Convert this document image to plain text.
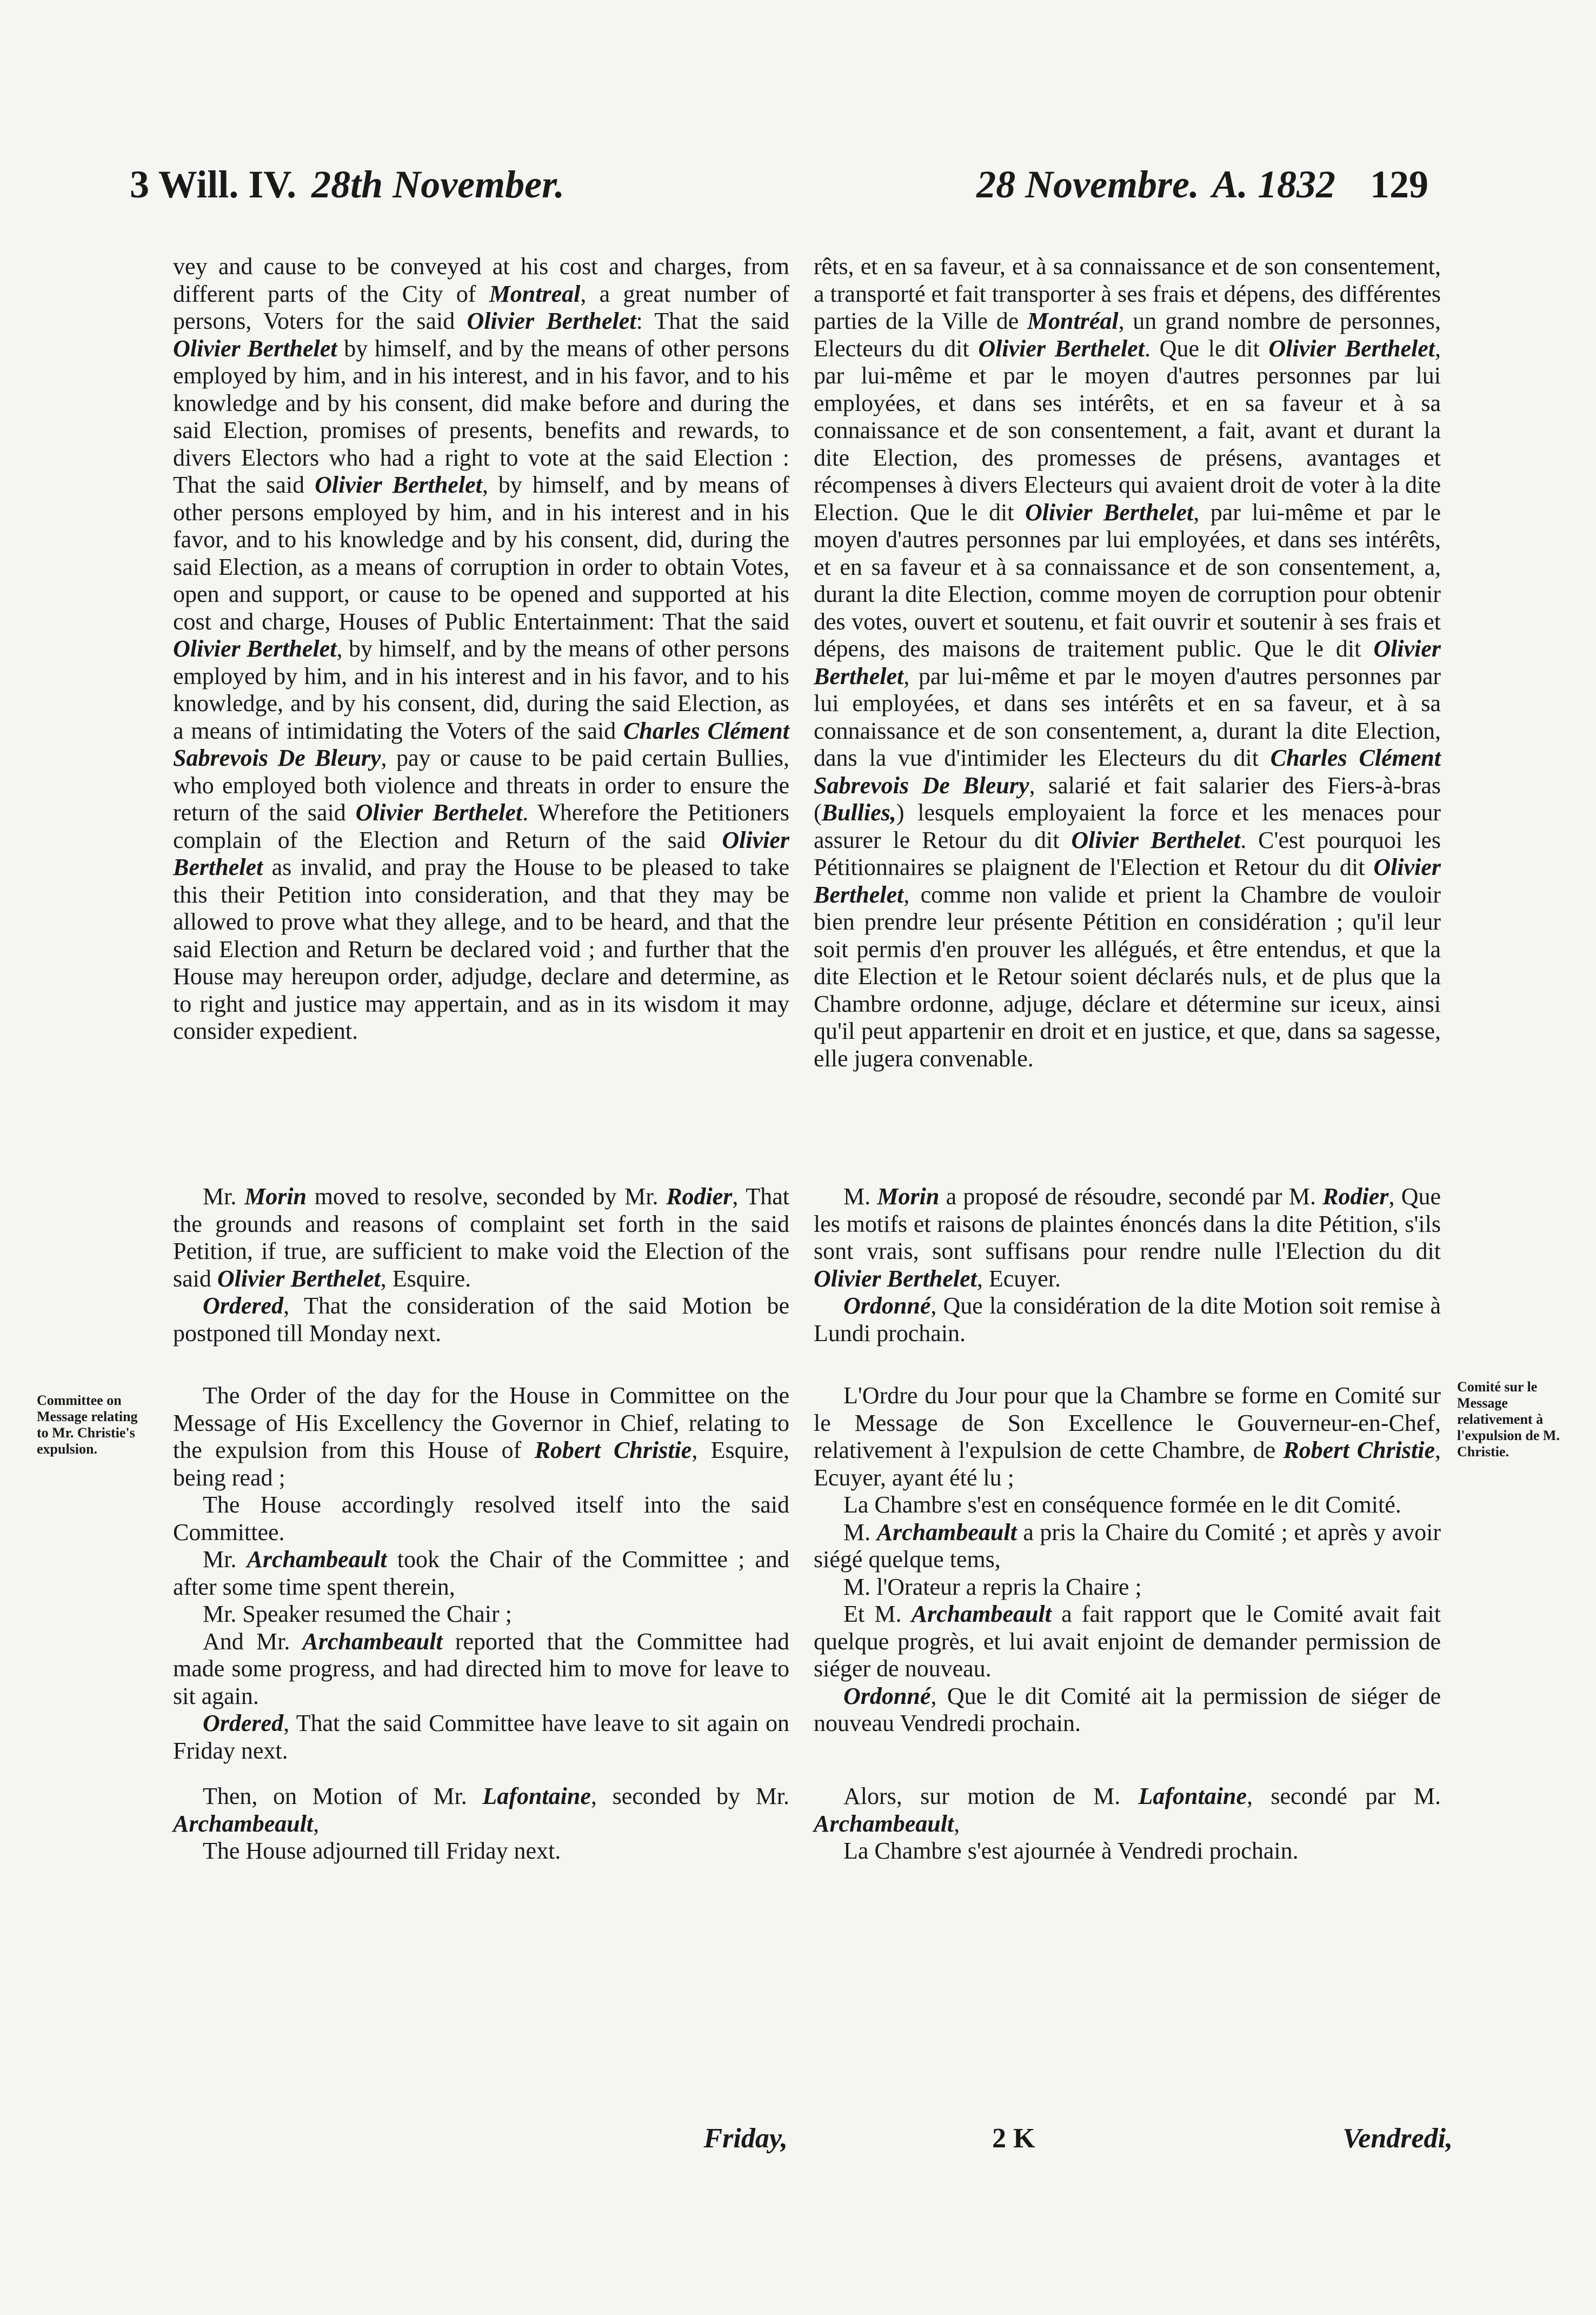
3 Will. IV. 28th November.	28 Novembre. A. 1832 129

vey and cause to be conveyed at his cost and charges, from different parts of the City of Montreal, a great number of persons, Voters for the said Olivier Berthelet: That the said Olivier Berthelet by himself, and by the means of other persons employed by him, and in his interest, and in his favor, and to his knowledge and by his consent, did make before and during the said Election, promises of presents, benefits and rewards, to divers Electors who had a right to vote at the said Election : That the said Olivier Berthelet, by himself, and by means of other persons employed by him, and in his interest and in his favor, and to his knowledge and by his consent, did, during the said Election, as a means of corruption in order to obtain Votes, open and support, or cause to be opened and supported at his cost and charge, Houses of Public Entertainment: That the said Olivier Berthelet, by himself, and by the means of other persons employed by him, and in his interest and in his favor, and to his knowledge, and by his consent, did, during the said Election, as a means of intimidating the Voters of the said Charles Clément Sabrevois De Bleury, pay or cause to be paid certain Bullies, who employed both violence and threats in order to ensure the return of the said Olivier Berthelet. Wherefore the Petitioners complain of the Election and Return of the said Olivier Berthelet as invalid, and pray the House to be pleased to take this their Petition into consideration, and that they may be allowed to prove what they allege, and to be heard, and that the said Election and Return be declared void ; and further that the House may hereupon order, adjudge, declare and determine, as to right and justice may appertain, and as in its wisdom it may consider expedient.

Mr. Morin moved to resolve, seconded by Mr. Rodier, That the grounds and reasons of complaint set forth in the said Petition, if true, are sufficient to make void the Election of the said Olivier Berthelet, Esquire.

Ordered, That the consideration of the said Motion be postponed till Monday next.

The Order of the day for the House in Committee on the Message of His Excellency the Governor in Chief, relating to the expulsion from this House of Robert Christie, Esquire, being read ;

The House accordingly resolved itself into the said Committee.

Mr. Archambeault took the Chair of the Committee ; and after some time spent therein,

Mr. Speaker resumed the Chair ;

And Mr. Archambeault reported that the Committee had made some progress, and had directed him to move for leave to sit again.

Ordered, That the said Committee have leave to sit again on Friday next.

Then, on Motion of Mr. Lafontaine, seconded by Mr. Archambeault,

The House adjourned till Friday next.

rêts, et en sa faveur, et à sa connaissance et de son consentement, a transporté et fait transporter à ses frais et dépens, des différentes parties de la Ville de Montréal, un grand nombre de personnes, Electeurs du dit Olivier Berthelet. Que le dit Olivier Berthelet, par lui-même et par le moyen d'autres personnes par lui employées, et dans ses intérêts, et en sa faveur et à sa connaissance et de son consentement, a fait, avant et durant la dite Election, des promesses de présens, avantages et récompenses à divers Electeurs qui avaient droit de voter à la dite Election. Que le dit Olivier Berthelet, par lui-même et par le moyen d'autres personnes par lui employées, et dans ses intérêts, et en sa faveur et à sa connaissance et de son consentement, a, durant la dite Election, comme moyen de corruption pour obtenir des votes, ouvert et soutenu, et fait ouvrir et soutenir à ses frais et dépens, des maisons de traitement public. Que le dit Olivier Berthelet, par lui-même et par le moyen d'autres personnes par lui employées, et dans ses intérêts et en sa faveur, et à sa connaissance et de son consentement, a, durant la dite Election, dans la vue d'intimider les Electeurs du dit Charles Clément Sabrevois De Bleury, salarié et fait salarier des Fiers-à-bras (Bullies,) lesquels employaient la force et les menaces pour assurer le Retour du dit Olivier Berthelet. C'est pourquoi les Pétitionnaires se plaignent de l'Election et Retour du dit Olivier Berthelet, comme non valide et prient la Chambre de vouloir bien prendre leur présente Pétition en considération ; qu'il leur soit permis d'en prouver les allégués, et être entendus, et que la dite Election et le Retour soient déclarés nuls, et de plus que la Chambre ordonne, adjuge, déclare et détermine sur iceux, ainsi qu'il peut appartenir en droit et en justice, et que, dans sa sagesse, elle jugera convenable.

M. Morin a proposé de résoudre, secondé par M. Rodier, Que les motifs et raisons de plaintes énoncés dans la dite Pétition, s'ils sont vrais, sont suffisans pour rendre nulle l'Election du dit Olivier Berthelet, Ecuyer.

Ordonné, Que la considération de la dite Motion soit remise à Lundi prochain.

L'Ordre du Jour pour que la Chambre se forme en Comité sur le Message de Son Excellence le Gouverneur-en-Chef, relativement à l'expulsion de cette Chambre, de Robert Christie, Ecuyer, ayant été lu ;

La Chambre s'est en conséquence formée en le dit Comité.

M. Archambeault a pris la Chaire du Comité ; et après y avoir siégé quelque tems,

M. l'Orateur a repris la Chaire ;

Et M. Archambeault a fait rapport que le Comité avait fait quelque progrès, et lui avait enjoint de demander permission de siéger de nouveau.

Ordonné, Que le dit Comité ait la permission de siéger de nouveau Vendredi prochain.

Alors, sur motion de M. Lafontaine, secondé par M. Archambeault,

La Chambre s'est ajournée à Vendredi prochain.

Committee on Message relating to Mr. Christie's expulsion.
Comité sur le Message relativement à l'expulsion de M. Christie.
Friday,	2 K	Vendredi,
